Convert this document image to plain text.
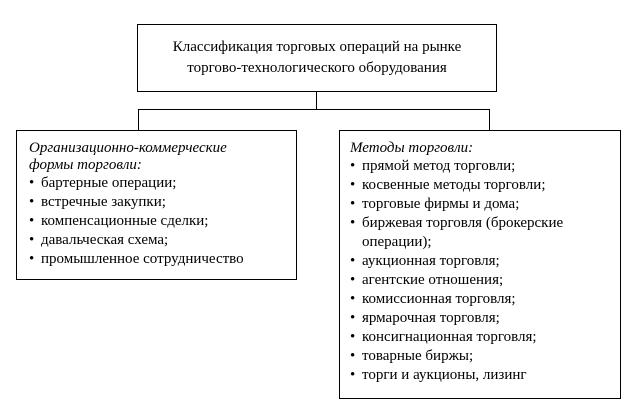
Классификация торговых операций на рынке
торгово-технологического оборудования
Организационно-коммерческие
формы торговли:
• бартерные операции;
• встречные закупки;
• компенсационные сделки;
• давальческая схема;
• промышленное сотрудничество
Методы торговли:
• прямой метод торговли;
• косвенные методы торговли;
• торговые фирмы и дома;
• биржевая торговля (брокерские
операции);
• аукционная торговля;
• агентские отношения;
• комиссионная торговля;
• ярмарочная торговля;
• консигнационная торговля;
• товарные биржы;
• торги и аукционы, лизинг
